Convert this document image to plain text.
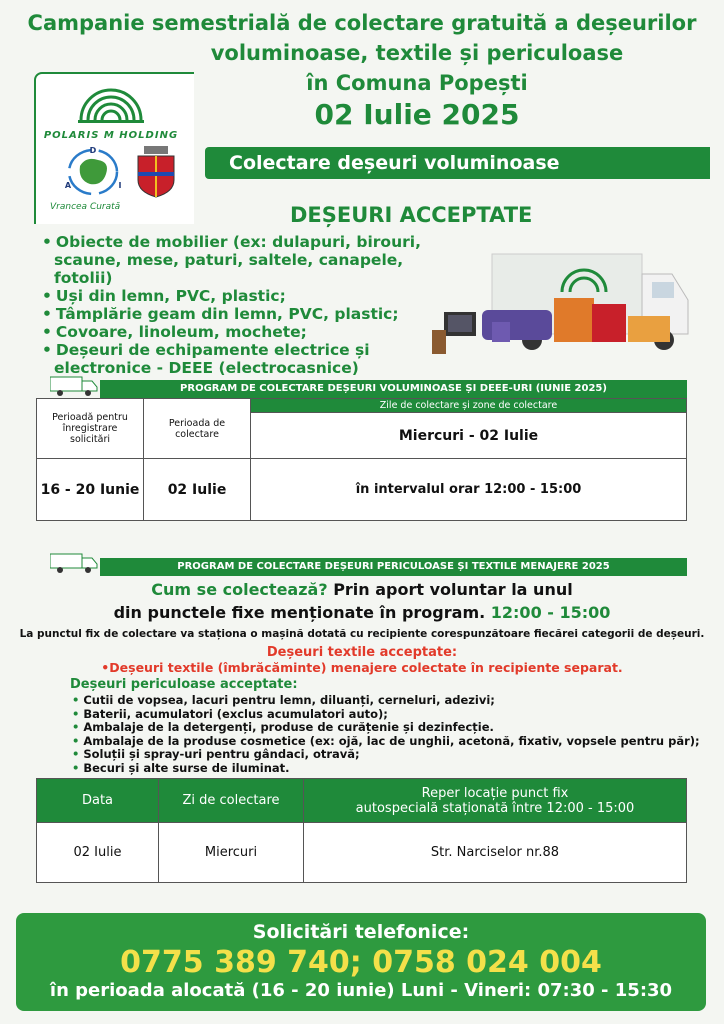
Campanie semestrială de colectare gratuită a deșeurilor
voluminoase, textile și periculoase
în Comuna Popești
02 Iulie 2025
POLARIS M HOLDING
D
A	I
Vrancea Curată
Colectare deșeuri voluminoase
DEȘEURI ACCEPTATE
• Obiecte de mobilier (ex: dulapuri, birouri, scaune, mese, paturi, saltele, canapele, fotolii)
• Uși din lemn, PVC, plastic;
• Tâmplărie geam din lemn, PVC, plastic;
• Covoare, linoleum, mochete;
• Deșeuri de echipamente electrice și electronice - DEEE (electrocasnice)
PROGRAM DE COLECTARE DEȘEURI VOLUMINOASE ȘI DEEE-URI (IUNIE 2025)
Perioadă pentru înregistrare solicitări	Perioada de colectare	Zile de colectare și zone de colectare
		Miercuri - 02 Iulie
16 - 20 Iunie	02 Iulie	în intervalul orar 12:00 - 15:00
PROGRAM DE COLECTARE DEȘEURI PERICULOASE ȘI TEXTILE MENAJERE 2025
Cum se colectează? Prin aport voluntar la unul
din punctele fixe menționate în program. 12:00 - 15:00
La punctul fix de colectare va staționa o mașină dotată cu recipiente corespunzătoare fiecărei categorii de deșeuri.
Deșeuri textile acceptate:
•Deșeuri textile (îmbrăcăminte) menajere colectate în recipiente separat.
Deșeuri periculoase acceptate:
• Cutii de vopsea, lacuri pentru lemn, diluanți, cerneluri, adezivi;
• Baterii, acumulatori (exclus acumulatori auto);
• Ambalaje de la detergenți, produse de curățenie și dezinfecție.
• Ambalaje de la produse cosmetice (ex: ojă, lac de unghii, acetonă, fixativ, vopsele pentru păr);
• Soluții și spray-uri pentru gândaci, otravă;
• Becuri și alte surse de iluminat.
Data	Zi de colectare	Reper locație punct fix
autospecială staționată între 12:00 - 15:00

02 Iulie	Miercuri	Str. Narciselor nr.88
Solicitări telefonice:
0775 389 740; 0758 024 004
în perioada alocată (16 - 20 iunie) Luni - Vineri: 07:30 - 15:30
